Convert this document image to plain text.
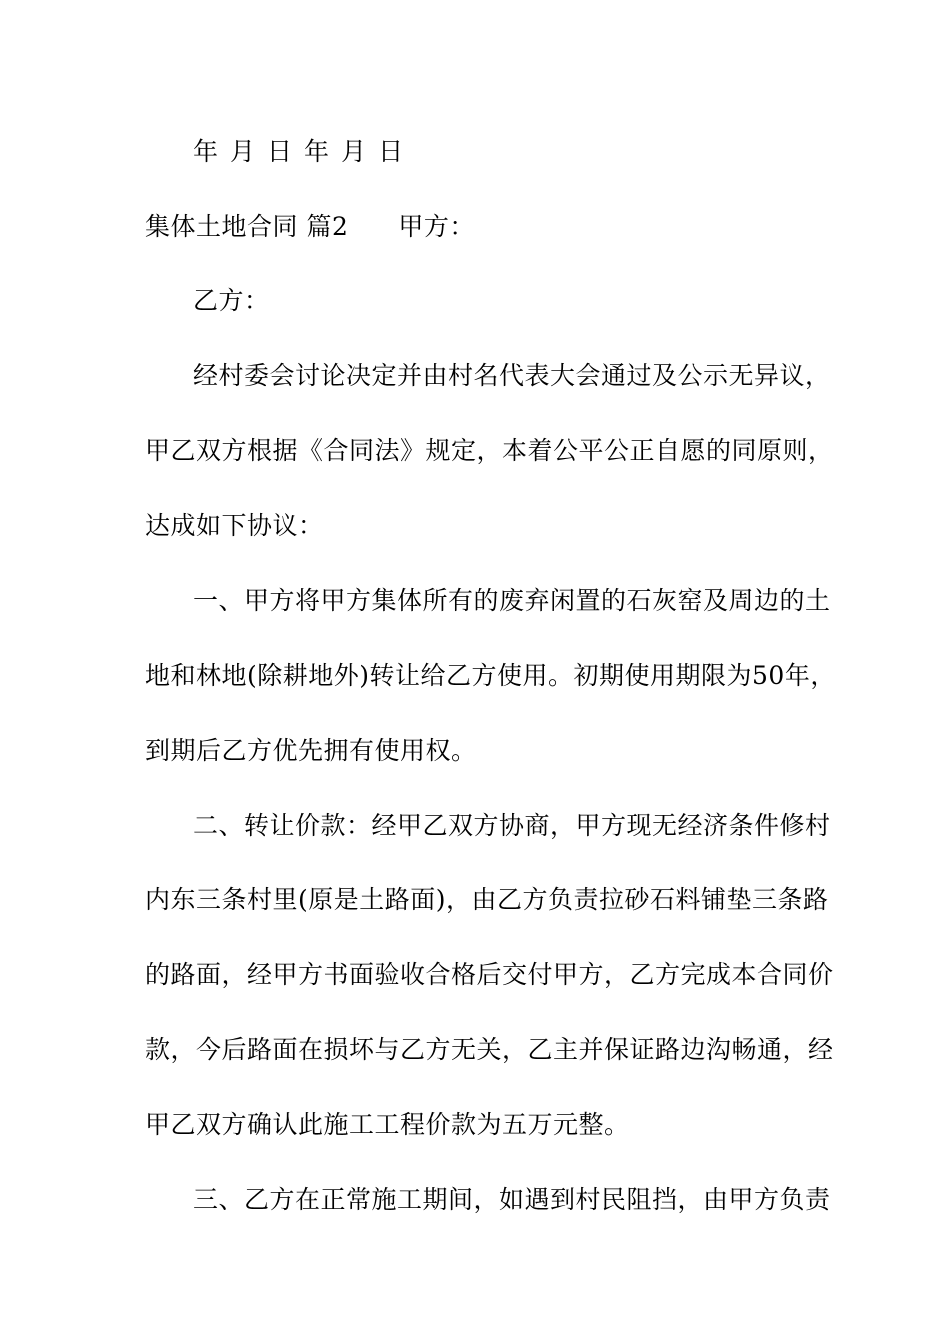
年 月 日 年 月 日
集体土地合同 篇2 甲方：
乙方：
经村委会讨论决定并由村名代表大会通过及公示无异议，
甲乙双方根据《合同法》规定，本着公平公正自愿的同原则，
达成如下协议：
一、甲方将甲方集体所有的废弃闲置的石灰窑及周边的土
地和林地(除耕地外)转让给乙方使用。初期使用期限为50年，
到期后乙方优先拥有使用权。
二、转让价款：经甲乙双方协商，甲方现无经济条件修村
内东三条村里(原是土路面)，由乙方负责拉砂石料铺垫三条路
的路面，经甲方书面验收合格后交付甲方，乙方完成本合同价
款，今后路面在损坏与乙方无关，乙主并保证路边沟畅通，经
甲乙双方确认此施工工程价款为五万元整。
三、乙方在正常施工期间，如遇到村民阻挡，由甲方负责
